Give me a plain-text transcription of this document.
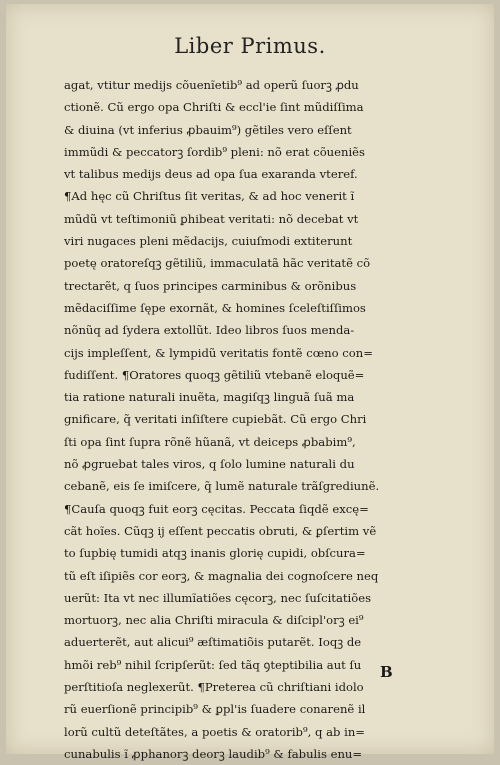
Liber Primus.
agat, vtitur medijs cõuenĩetib⁹ ad operũ ſuorꝫ ꝓdu
ctionẽ. Cũ ergo opa Chriſti & eccl'ie ſint mũdiſſima
& diuina (vt inferius ꝓbauim⁹) gẽtiles vero eſſent
immũdi & peccatorꝫ ſordib⁹ pleni: nõ erat cõueniẽs
vt talibus medijs deus ad opa ſua exaranda vteref.
¶Ad hęc cũ Chriſtus ſit veritas, & ad hoc venerit ĩ
mũdũ vt teſtimoniũ ꝑhibeat veritati: nõ decebat vt
viri nugaces pleni mẽdacijs, cuiuſmodi extiterunt
poetę oratoreſqꝫ gẽtiliũ, immaculatã hãc veritatẽ cõ
trectarẽt, q ſuos principes carminibus & orõnibus
mẽdaciſſime ſępe exornãt, & homines ſceleſtiſſimos
nõnũq ad ſydera extollũt. Ideo libros ſuos menda-
cijs impleſſent, & lympidũ veritatis fontẽ cœno con=
fudiſſent. ¶Oratores quoqꝫ gẽtiliũ vtebanẽ eloquẽ=
tia ratione naturali inuẽta, magiſqꝫ linguã ſuã ma
gnificare, q̃ veritati inſiſtere cupiebãt. Cũ ergo Chri
ſti opa ſint ſupra rõnẽ hũanã, vt deiceps ꝓbabim⁹,
nõ ꝓgruebat tales viros, q ſolo lumine naturali du
cebanẽ, eis ſe imiſcere, q̃ lumẽ naturale trãſgrediunẽ.
¶Cauſa quoqꝫ fuit eorꝫ cęcitas. Peccata ſiqdẽ excę=
cãt hoĩes. Cũqꝫ ij eſſent peccatis obruti, & ꝑſertim vẽ
to ſupbię tumidi atqꝫ inanis glorię cupidi, obſcura=
tũ eſt iſipiẽs cor eorꝫ, & magnalia dei cognoſcere neq
uerũt: Ita vt nec illumĩatiões cęcorꝫ, nec ſuſcitatiões
mortuorꝫ, nec alia Chriſti miracula & diſcipl'orꝫ ei⁹
aduerterẽt, aut alicui⁹ æſtimatiõis putarẽt. Ioqꝫ de
hmõi reb⁹ nihil ſcripſerũt: ſed tãq ꝯteptibilia aut ſu
perſtitioſa neglexerũt. ¶Preterea cũ chriſtiani idolo
rũ euerſionẽ principib⁹ & ꝑpl'is ſuadere conarenẽ il
lorũ cultũ deteſtãtes, a poetis & oratorib⁹, q ab in=
cunabulis ĩ ꝓphanorꝫ deorꝫ laudib⁹ & fabulis enu=
B
